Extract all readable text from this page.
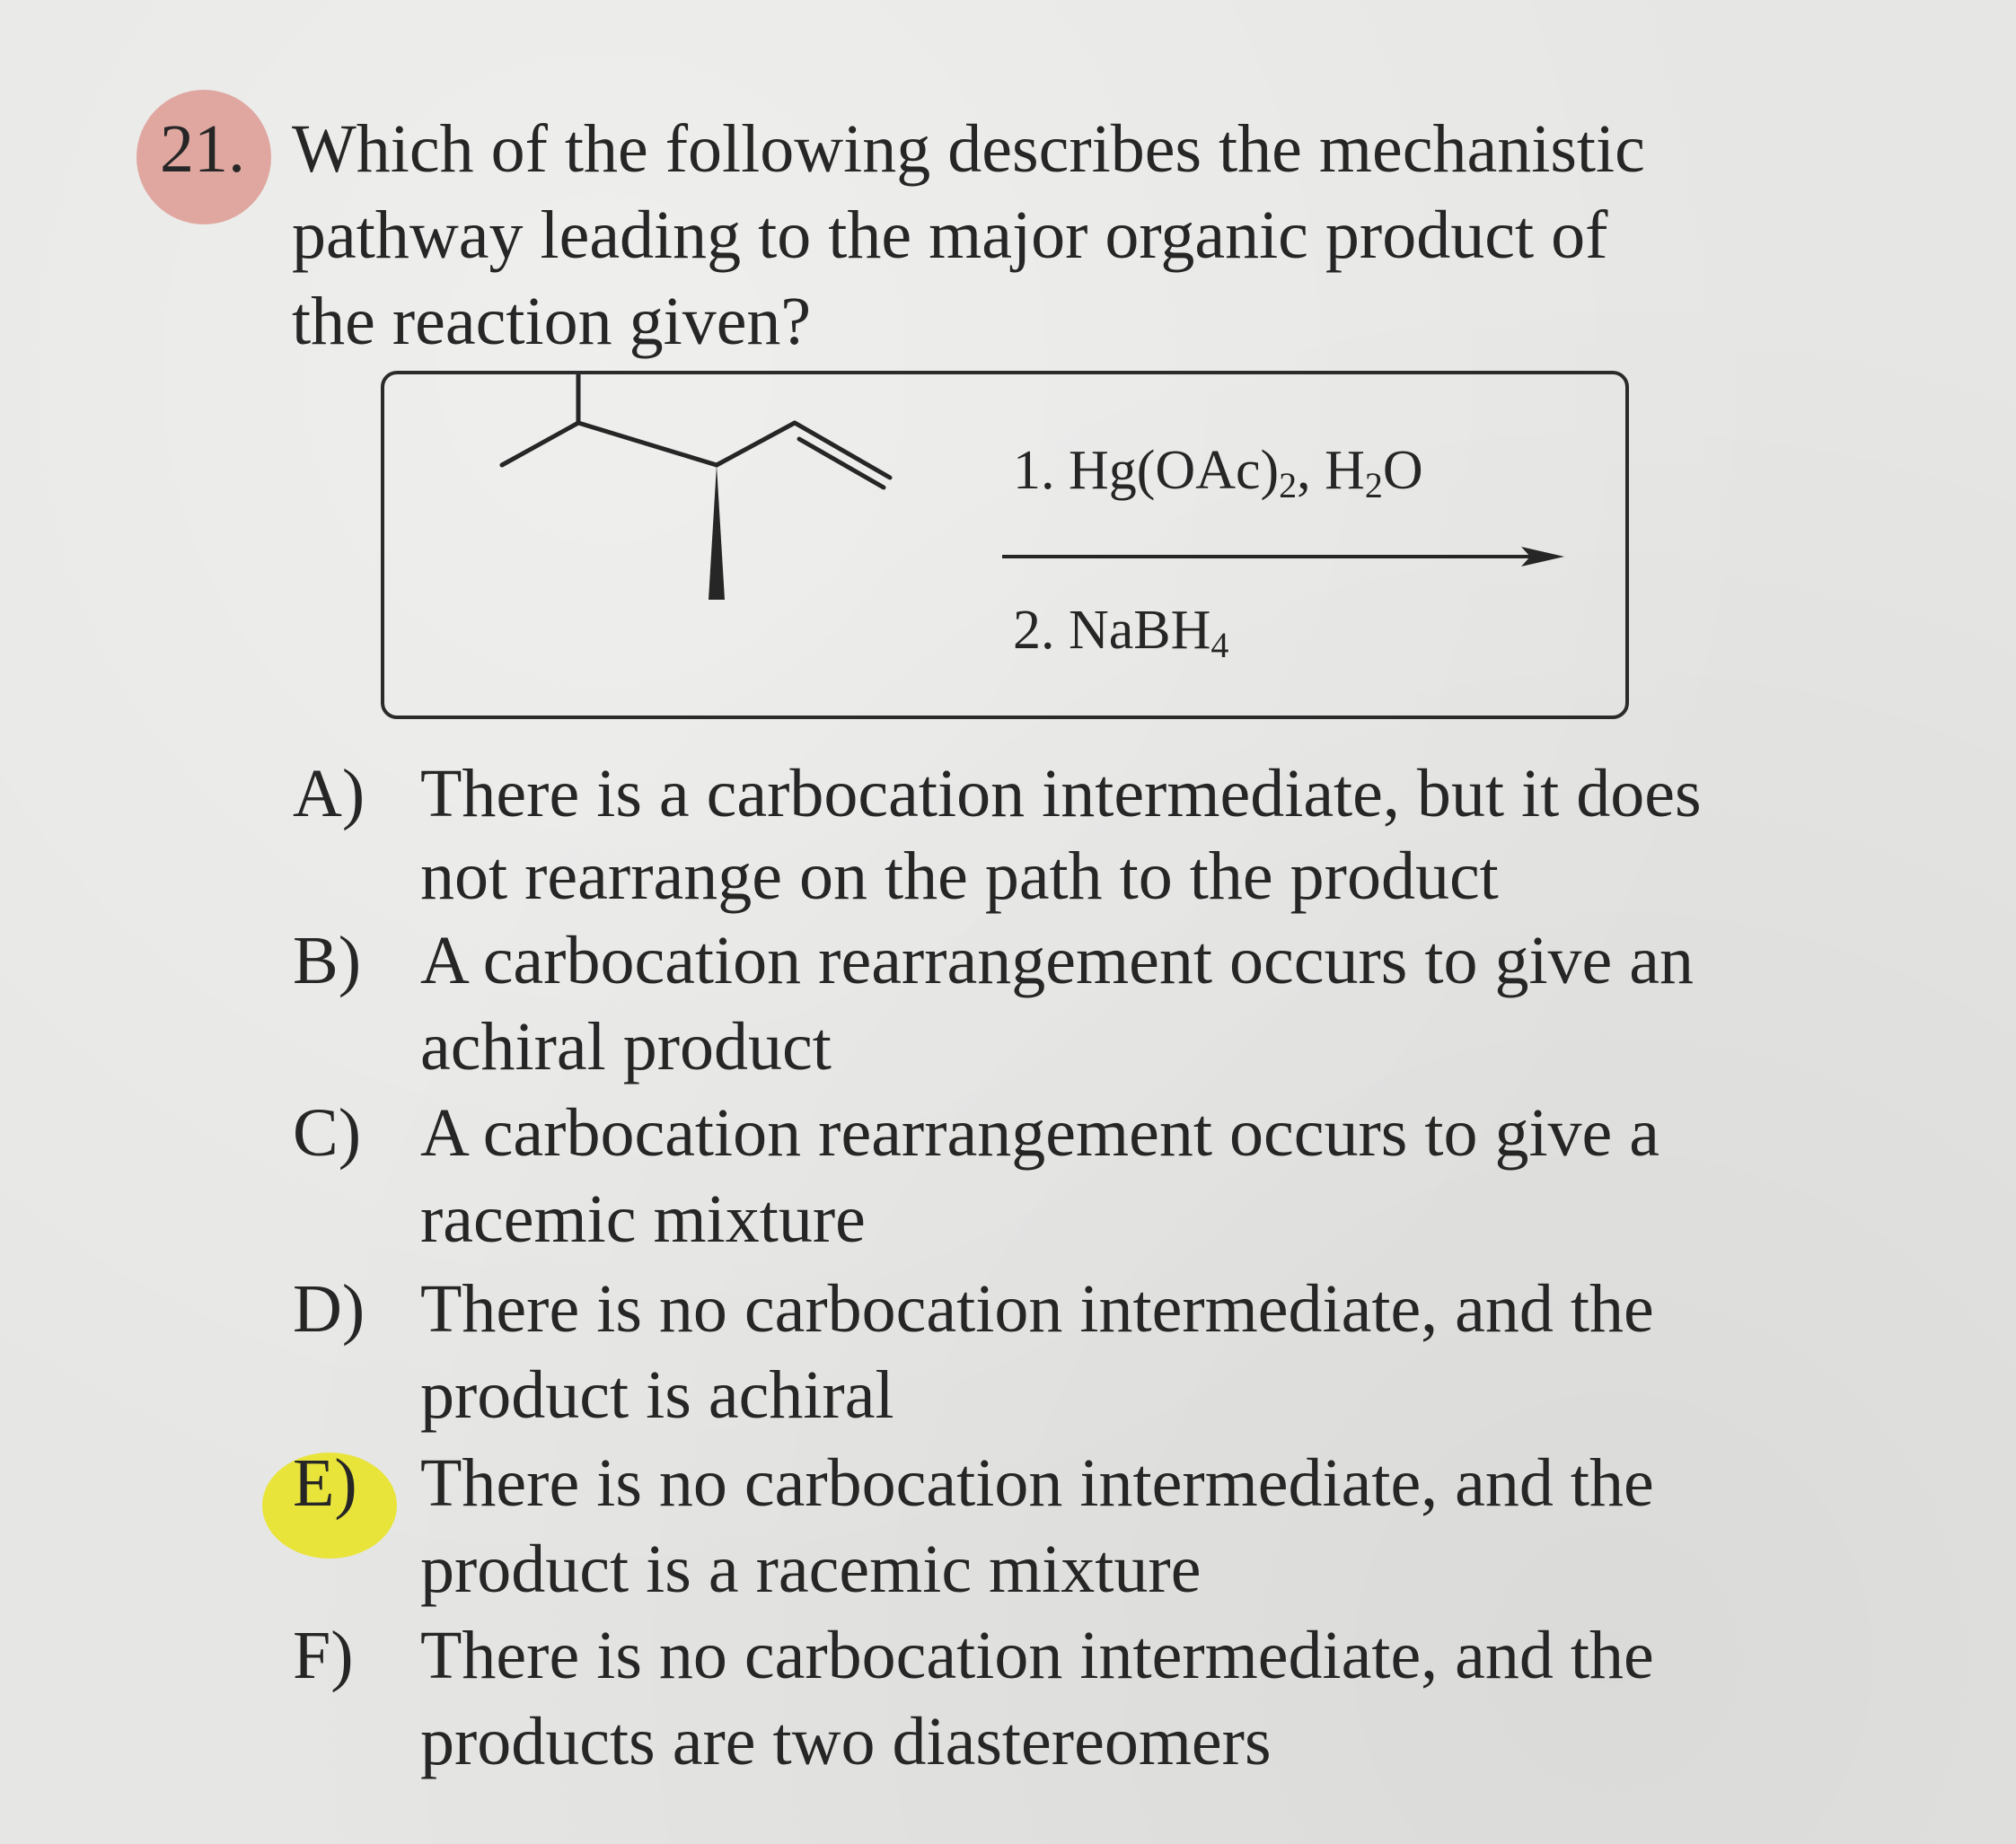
21. Which of the following describes the mechanistic
pathway leading to the major organic product of
the reaction given?
1. $Hg(OAc)_2$, $H_2O$
2. NaBH$_4$
A) There is a carbocation intermediate, but it does
not rearrange on the path to the product
B) A carbocation rearrangement occurs to give an
achiral product
C) A carbocation rearrangement occurs to give a
racemic mixture
D) There is no carbocation intermediate, and the
product is achiral
E) There is no carbocation intermediate, and the
product is a racemic mixture
F) There is no carbocation intermediate, and the
products are two diastereomers
